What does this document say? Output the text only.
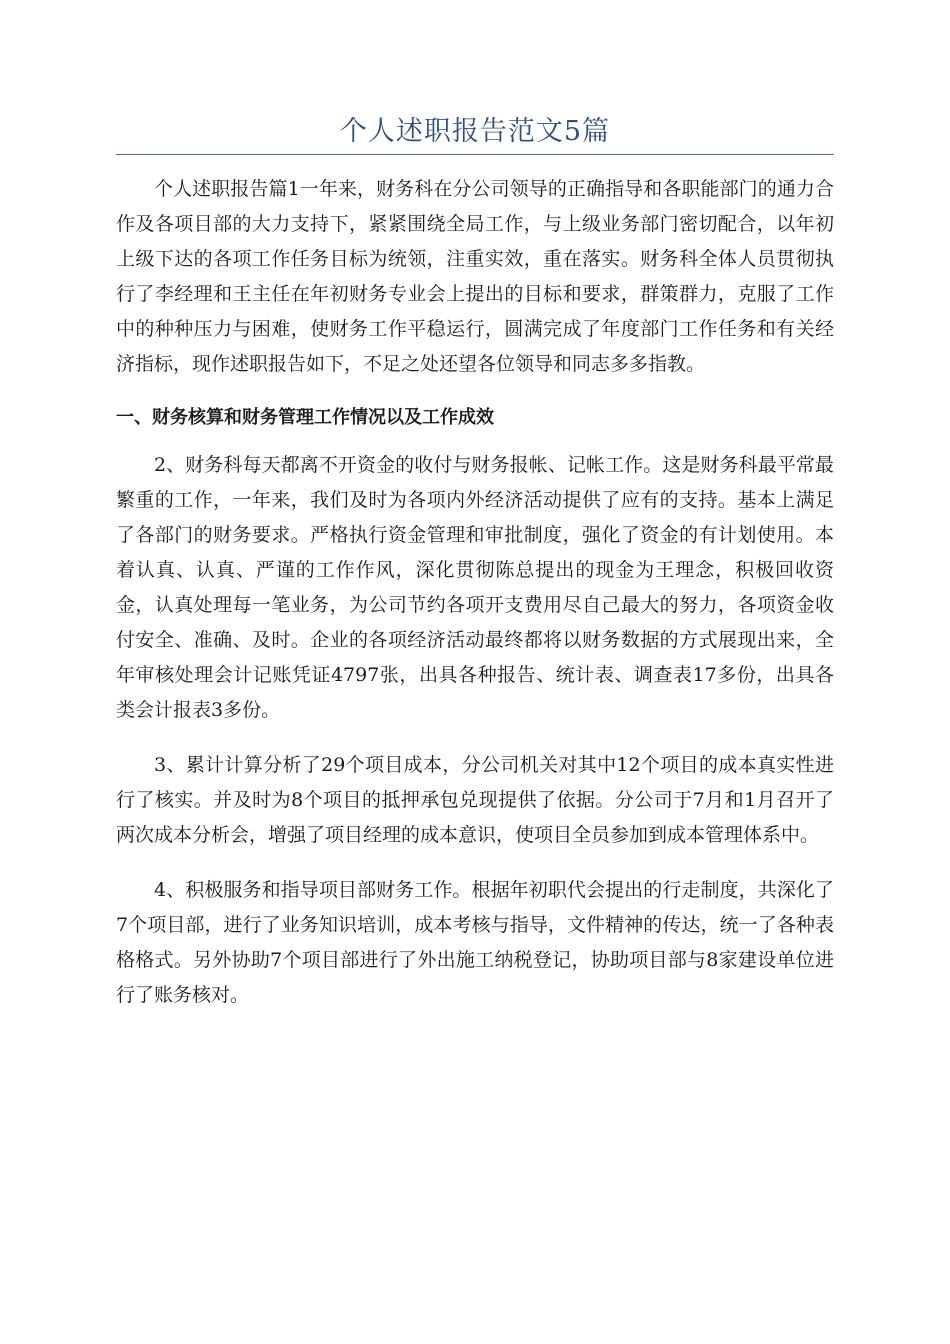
个人述职报告范文5篇

个人述职报告篇1一年来，财务科在分公司领导的正确指导和各职能部门的通力合作及各项目部的大力支持下，紧紧围绕全局工作，与上级业务部门密切配合，以年初上级下达的各项工作任务目标为统领，注重实效，重在落实。财务科全体人员贯彻执行了李经理和王主任在年初财务专业会上提出的目标和要求，群策群力，克服了工作中的种种压力与困难，使财务工作平稳运行，圆满完成了年度部门工作任务和有关经济指标，现作述职报告如下，不足之处还望各位领导和同志多多指教。

一、财务核算和财务管理工作情况以及工作成效

2、财务科每天都离不开资金的收付与财务报帐、记帐工作。这是财务科最平常最繁重的工作，一年来，我们及时为各项内外经济活动提供了应有的支持。基本上满足了各部门的财务要求。严格执行资金管理和审批制度，强化了资金的有计划使用。本着认真、认真、严谨的工作作风，深化贯彻陈总提出的现金为王理念，积极回收资金，认真处理每一笔业务，为公司节约各项开支费用尽自己最大的努力，各项资金收付安全、准确、及时。企业的各项经济活动最终都将以财务数据的方式展现出来，全年审核处理会计记账凭证4797张，出具各种报告、统计表、调查表17多份，出具各类会计报表3多份。

3、累计计算分析了29个项目成本，分公司机关对其中12个项目的成本真实性进行了核实。并及时为8个项目的抵押承包兑现提供了依据。分公司于7月和1月召开了两次成本分析会，增强了项目经理的成本意识，使项目全员参加到成本管理体系中。

4、积极服务和指导项目部财务工作。根据年初职代会提出的行走制度，共深化了7个项目部，进行了业务知识培训，成本考核与指导，文件精神的传达，统一了各种表格格式。另外协助7个项目部进行了外出施工纳税登记，协助项目部与8家建设单位进行了账务核对。
